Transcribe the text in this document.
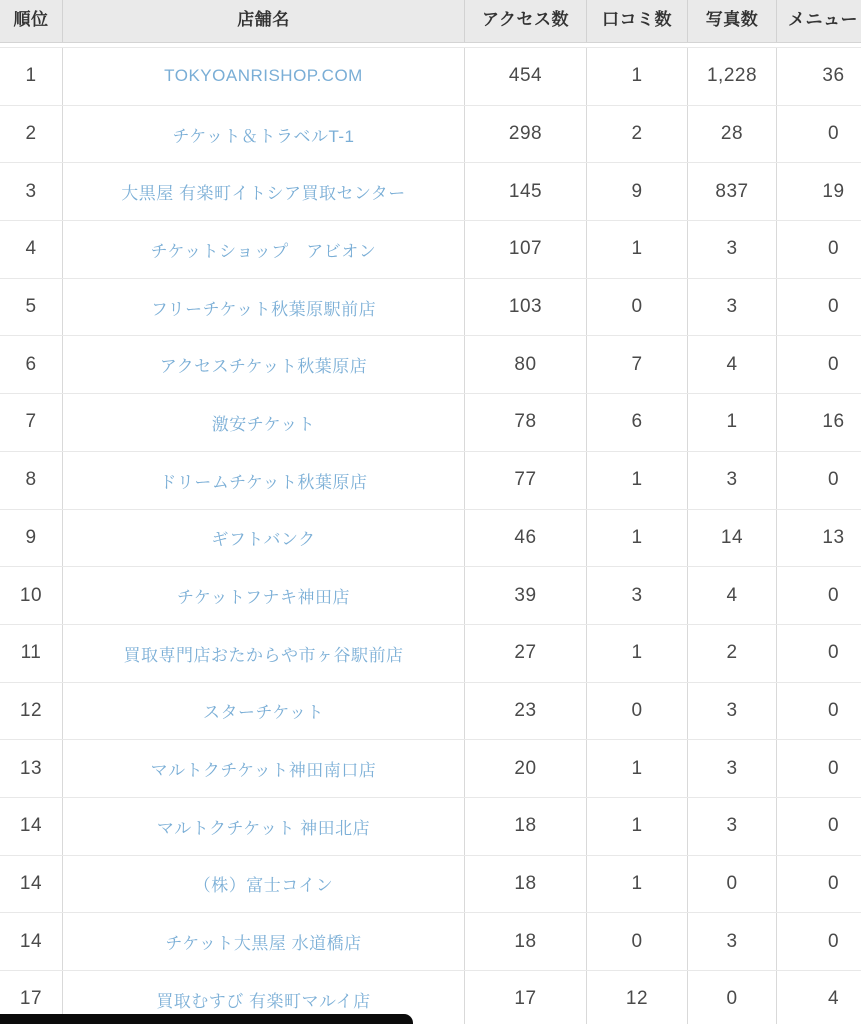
順位	店舗名	アクセス数	口コミ数	写真数	メニュー
1	TOKYOANRISHOP.COM	454	1	1,228	36
2	チケット＆トラベルT-1	298	2	28	0
3	大黒屋 有楽町イトシア買取センター	145	9	837	19
4	チケットショップ　アビオン	107	1	3	0
5	フリーチケット秋葉原駅前店	103	0	3	0
6	アクセスチケット秋葉原店	80	7	4	0
7	激安チケット	78	6	1	16
8	ドリームチケット秋葉原店	77	1	3	0
9	ギフトバンク	46	1	14	13
10	チケットフナキ神田店	39	3	4	0
11	買取専門店おたからや市ヶ谷駅前店	27	1	2	0
12	スターチケット	23	0	3	0
13	マルトクチケット神田南口店	20	1	3	0
14	マルトクチケット 神田北店	18	1	3	0
14	（株）富士コイン	18	1	0	0
14	チケット大黒屋 水道橋店	18	0	3	0
17	買取むすび 有楽町マルイ店	17	12	0	4
